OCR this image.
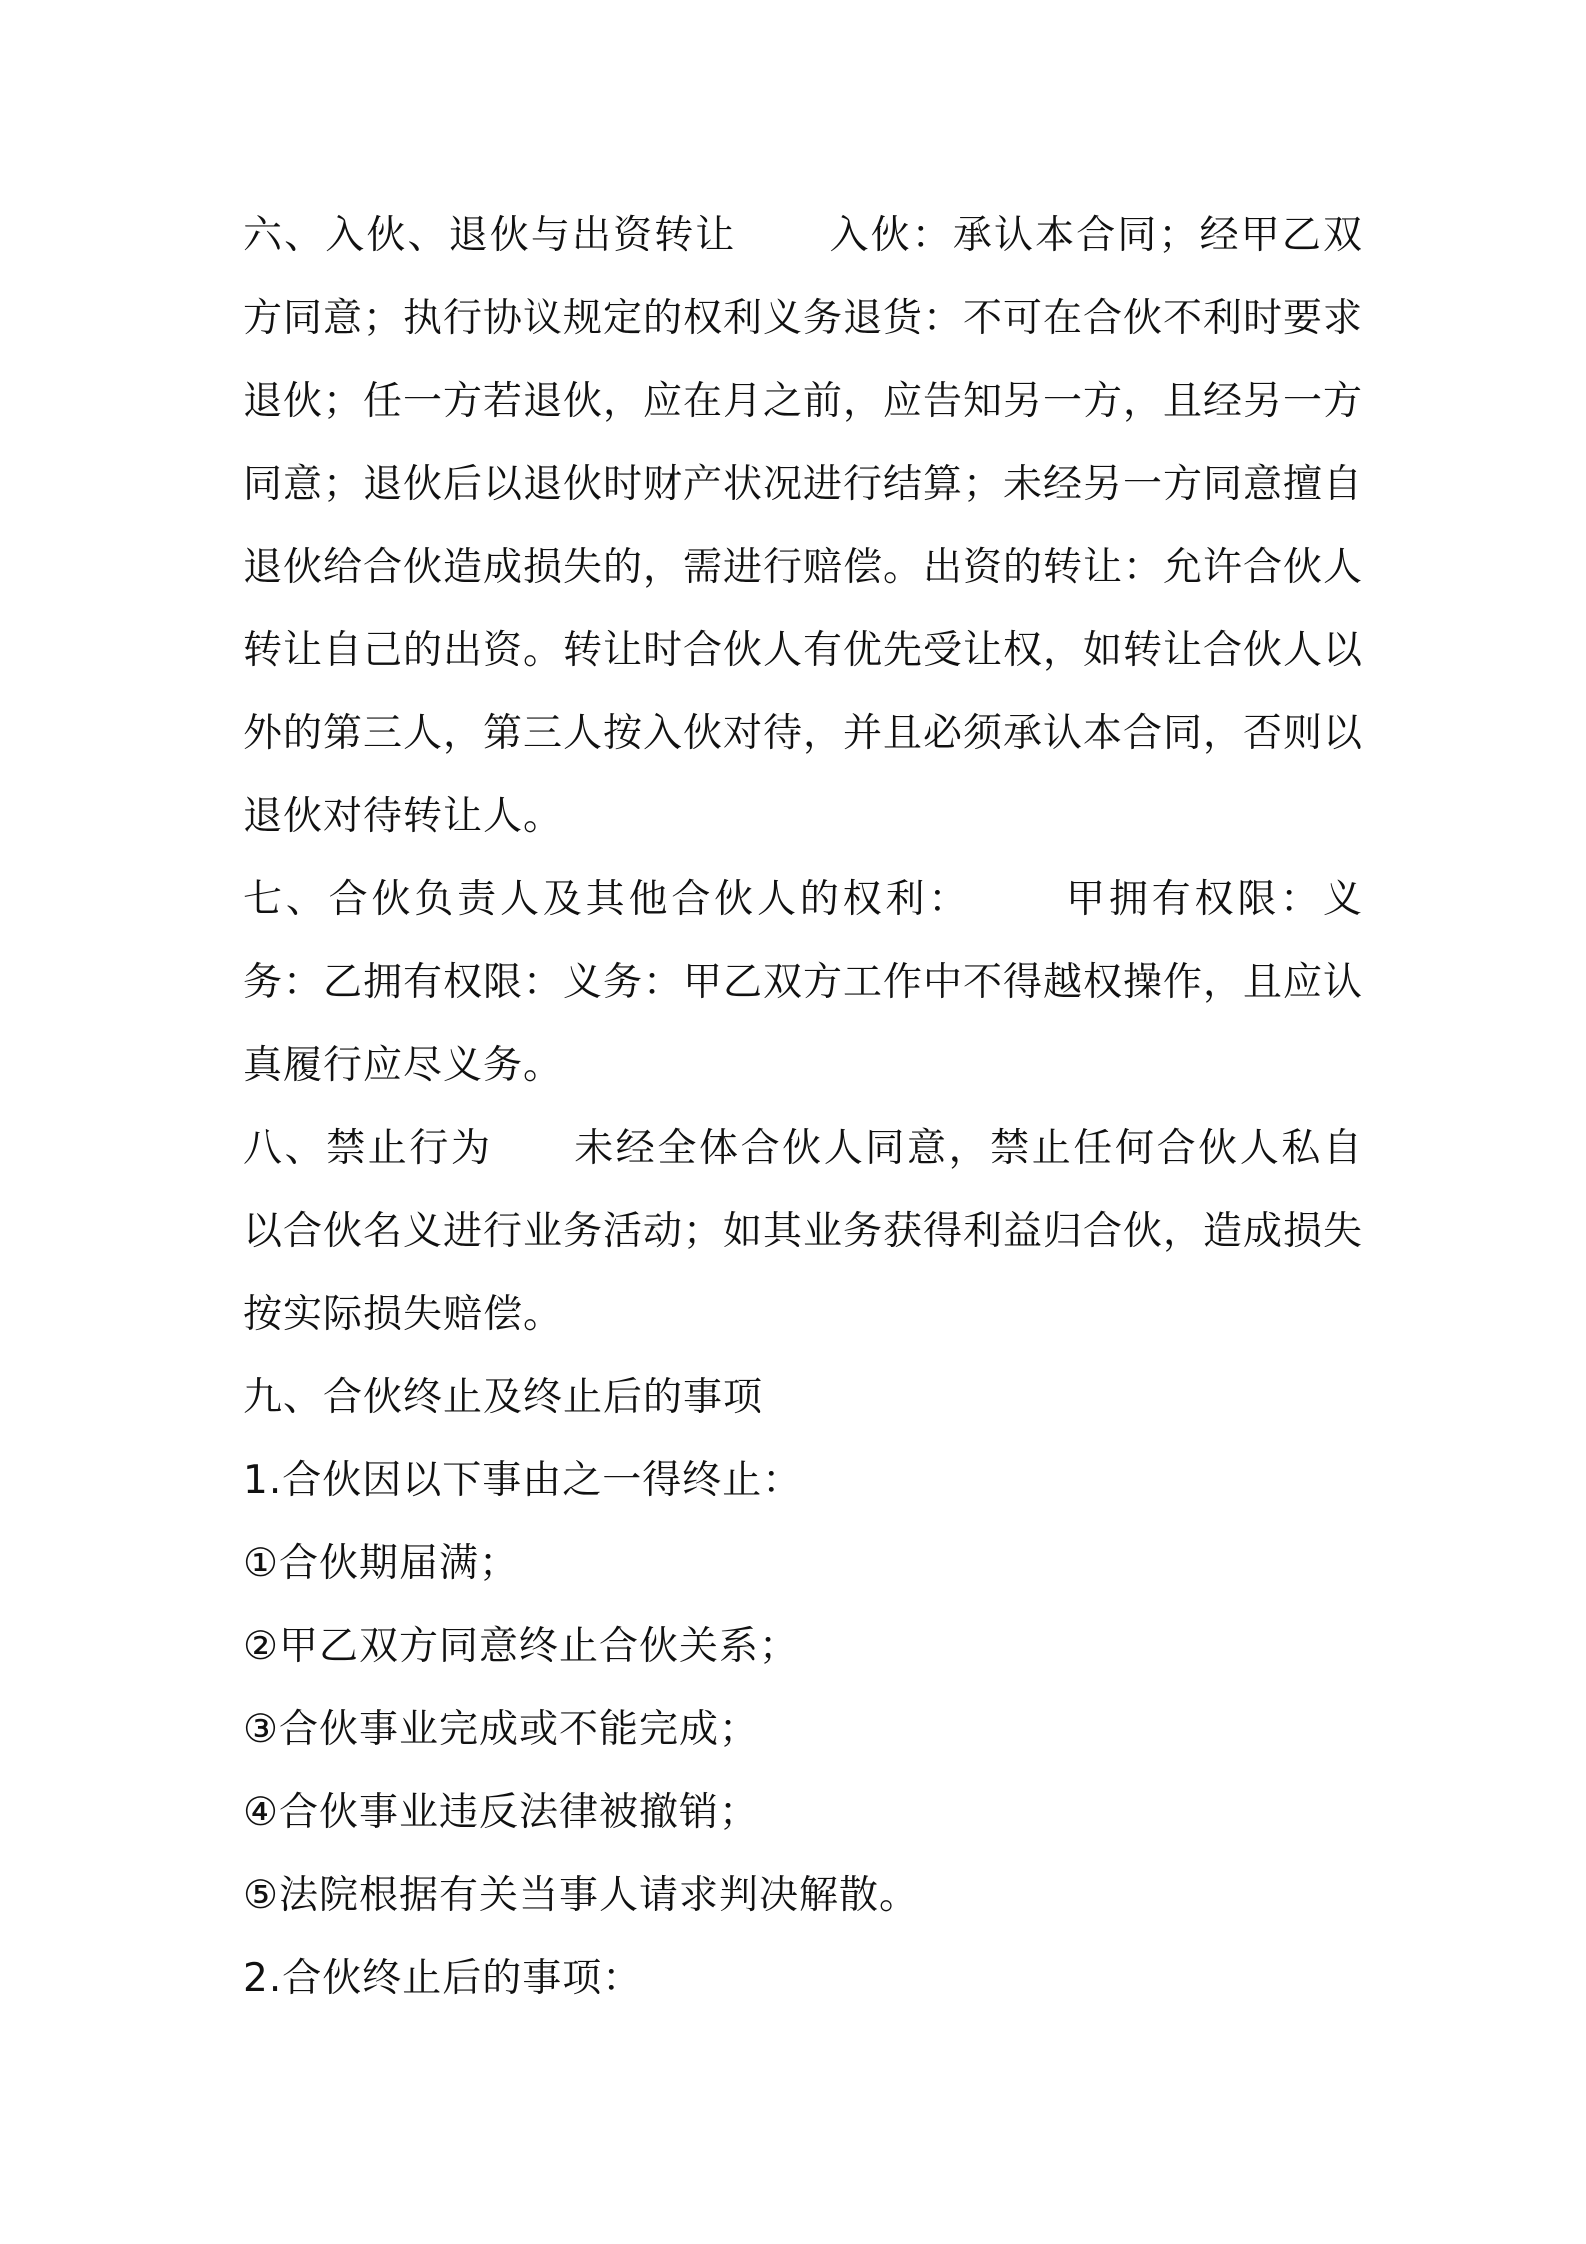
六、入伙、退伙与出资转让 入伙：承认本合同；经甲乙双方同意；执行协议规定的权利义务退货：不可在合伙不利时要求退伙；任一方若退伙，应在月之前，应告知另一方，且经另一方同意；退伙后以退伙时财产状况进行结算；未经另一方同意擅自退伙给合伙造成损失的，需进行赔偿。出资的转让：允许合伙人转让自己的出资。转让时合伙人有优先受让权，如转让合伙人以外的第三人，第三人按入伙对待，并且必须承认本合同，否则以退伙对待转让人。

七、合伙负责人及其他合伙人的权利： 甲拥有权限：义务：乙拥有权限：义务：甲乙双方工作中不得越权操作，且应认真履行应尽义务。

八、禁止行为 未经全体合伙人同意，禁止任何合伙人私自以合伙名义进行业务活动；如其业务获得利益归合伙，造成损失按实际损失赔偿。

九、合伙终止及终止后的事项

1.合伙因以下事由之一得终止：

①合伙期届满；

②甲乙双方同意终止合伙关系；

③合伙事业完成或不能完成；

④合伙事业违反法律被撤销；

⑤法院根据有关当事人请求判决解散。

2.合伙终止后的事项：
